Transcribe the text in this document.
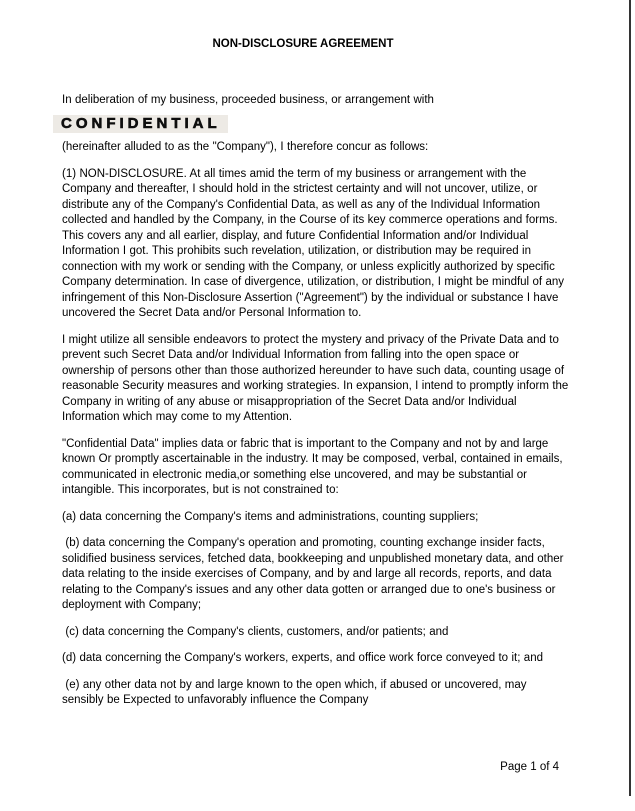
NON-DISCLOSURE AGREEMENT

In deliberation of my business, proceeded business, or arrangement with

CONFIDENTIAL

(hereinafter alluded to as the "Company"), I therefore concur as follows:

(1) NON-DISCLOSURE. At all times amid the term of my business or arrangement with the Company and thereafter, I should hold in the strictest certainty and will not uncover, utilize, or distribute any of the Company's Confidential Data, as well as any of the Individual Information collected and handled by the Company, in the Course of its key commerce operations and forms. This covers any and all earlier, display, and future Confidential Information and/or Individual Information I got. This prohibits such revelation, utilization, or distribution may be required in connection with my work or sending with the Company, or unless explicitly authorized by specific Company determination. In case of divergence, utilization, or distribution, I might be mindful of any infringement of this Non-Disclosure Assertion ("Agreement") by the individual or substance I have uncovered the Secret Data and/or Personal Information to.

I might utilize all sensible endeavors to protect the mystery and privacy of the Private Data and to prevent such Secret Data and/or Individual Information from falling into the open space or ownership of persons other than those authorized hereunder to have such data, counting usage of reasonable Security measures and working strategies. In expansion, I intend to promptly inform the Company in writing of any abuse or misappropriation of the Secret Data and/or Individual Information which may come to my Attention.

"Confidential Data" implies data or fabric that is important to the Company and not by and large known Or promptly ascertainable in the industry. It may be composed, verbal, contained in emails, communicated in electronic media,or something else uncovered, and may be substantial or intangible. This incorporates, but is not constrained to:

(a) data concerning the Company's items and administrations, counting suppliers;

(b) data concerning the Company's operation and promoting, counting exchange insider facts, solidified business services, fetched data, bookkeeping and unpublished monetary data, and other data relating to the inside exercises of Company, and by and large all records, reports, and data relating to the Company's issues and any other data gotten or arranged due to one's business or deployment with Company;

(c) data concerning the Company's clients, customers, and/or patients; and

(d) data concerning the Company's workers, experts, and office work force conveyed to it; and

(e) any other data not by and large known to the open which, if abused or uncovered, may sensibly be Expected to unfavorably influence the Company

Page 1 of 4
